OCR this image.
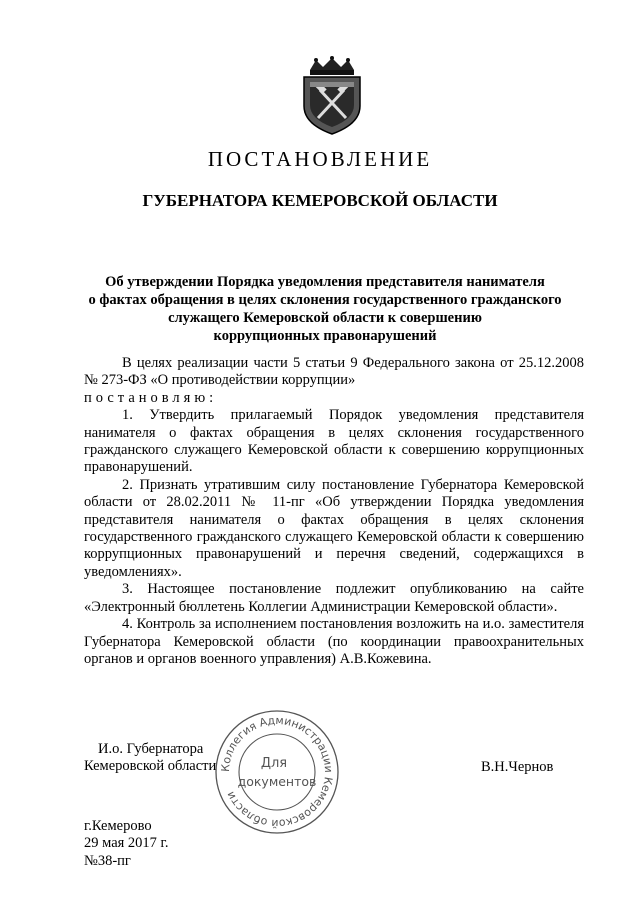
ПОСТАНОВЛЕНИЕ
ГУБЕРНАТОРА КЕМЕРОВСКОЙ ОБЛАСТИ
Об утверждении Порядка уведомления представителя нанимателя
о фактах обращения в целях склонения государственного гражданского
служащего Кемеровской области к совершению
коррупционных правонарушений

В целях реализации части 5 статьи 9 Федерального закона от 25.12.2008 № 273-ФЗ «О противодействии коррупции»

постановляю:

1. Утвердить прилагаемый Порядок уведомления представителя нанимателя о фактах обращения в целях склонения государственного гражданского служащего Кемеровской области к совершению коррупционных правонарушений.

2. Признать утратившим силу постановление Губернатора Кемеровской области от 28.02.2011 № 11-пг «Об утверждении Порядка уведомления представителя нанимателя о фактах обращения в целях склонения государственного гражданского служащего Кемеровской области к совершению коррупционных правонарушений и перечня сведений, содержащихся в уведомлениях».

3. Настоящее постановление подлежит опубликованию на сайте «Электронный бюллетень Коллегии Администрации Кемеровской области».

4. Контроль за исполнением постановления возложить на и.о. заместителя Губернатора Кемеровской области (по координации правоохранительных органов и органов военного управления) А.В.Кожевина.

Коллегия Администрации Кемеровской области
Для
документов
И.о. Губернатора
Кемеровской области	В.Н.Чернов
г.Кемерово
29 мая 2017 г.
№38-пг
